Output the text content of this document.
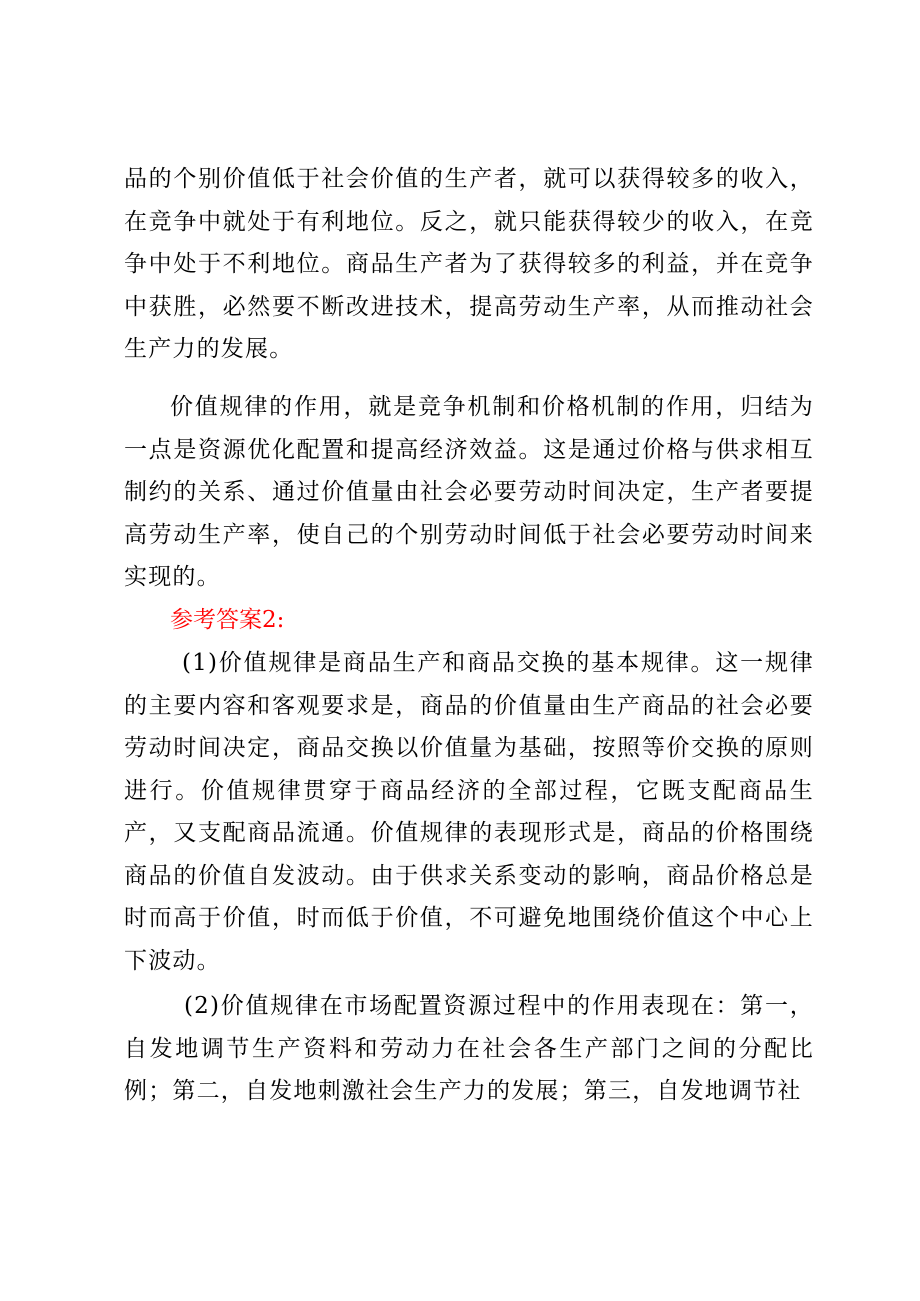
品的个别价值低于社会价值的生产者，就可以获得较多的收入，在竞争中就处于有利地位。反之，就只能获得较少的收入，在竞争中处于不利地位。商品生产者为了获得较多的利益，并在竞争中获胜，必然要不断改进技术，提高劳动生产率，从而推动社会生产力的发展。

价值规律的作用，就是竞争机制和价格机制的作用，归结为一点是资源优化配置和提高经济效益。这是通过价格与供求相互制约的关系、通过价值量由社会必要劳动时间决定，生产者要提高劳动生产率，使自己的个别劳动时间低于社会必要劳动时间来实现的。

参考答案2:

(1)价值规律是商品生产和商品交换的基本规律。这一规律的主要内容和客观要求是，商品的价值量由生产商品的社会必要劳动时间决定，商品交换以价值量为基础，按照等价交换的原则进行。价值规律贯穿于商品经济的全部过程，它既支配商品生产，又支配商品流通。价值规律的表现形式是，商品的价格围绕商品的价值自发波动。由于供求关系变动的影响，商品价格总是时而高于价值，时而低于价值，不可避免地围绕价值这个中心上下波动。

(2)价值规律在市场配置资源过程中的作用表现在：第一，自发地调节生产资料和劳动力在社会各生产部门之间的分配比例；第二，自发地刺激社会生产力的发展；第三，自发地调节社
